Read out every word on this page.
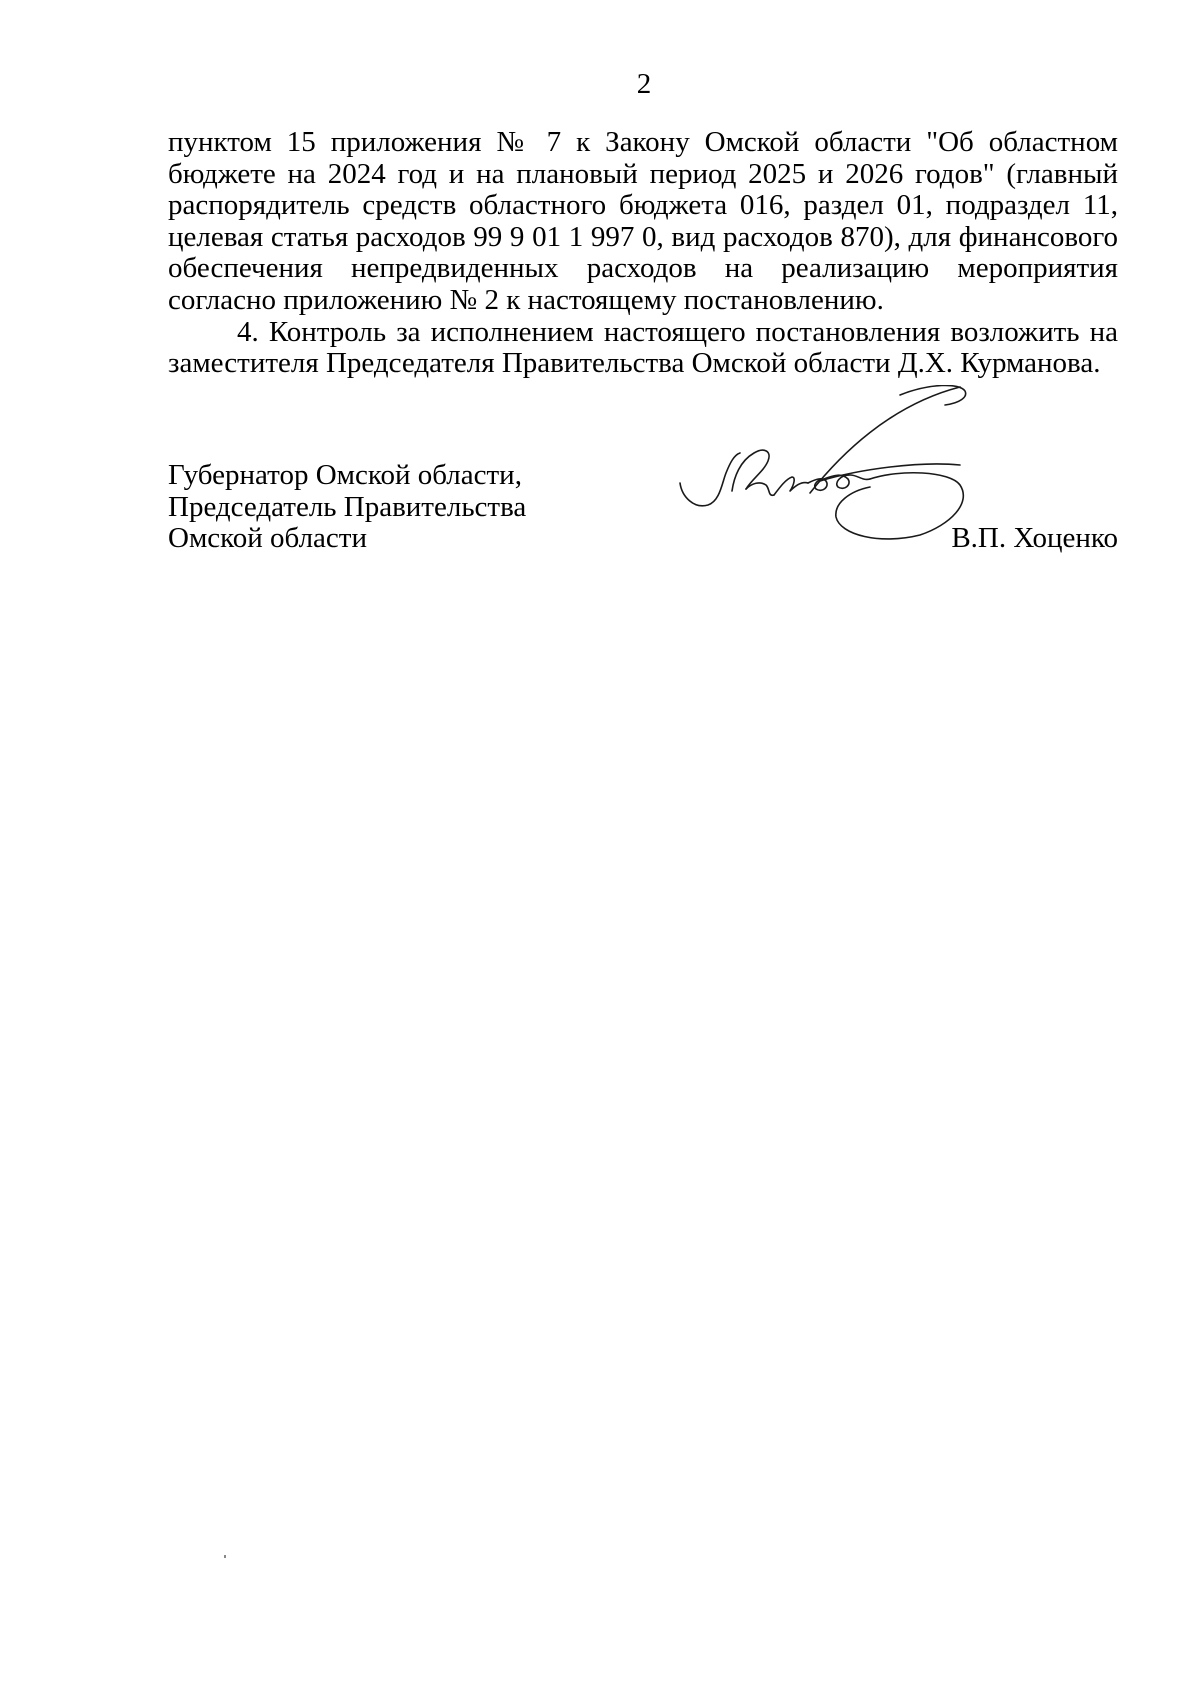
2

пунктом 15 приложения № 7 к Закону Омской области "Об областном бюджете на 2024 год и на плановый период 2025 и 2026 годов" (главный распорядитель средств областного бюджета 016, раздел 01, подраздел 11, целевая статья расходов 99 9 01 1 997 0, вид расходов 870), для финансового обеспечения непредвиденных расходов на реализацию мероприятия согласно приложению № 2 к настоящему постановлению.

4. Контроль за исполнением настоящего постановления возложить на заместителя Председателя Правительства Омской области Д.Х. Курманова.

Губернатор Омской области,
Председатель Правительства
Омской области	В.П. Хоценко
